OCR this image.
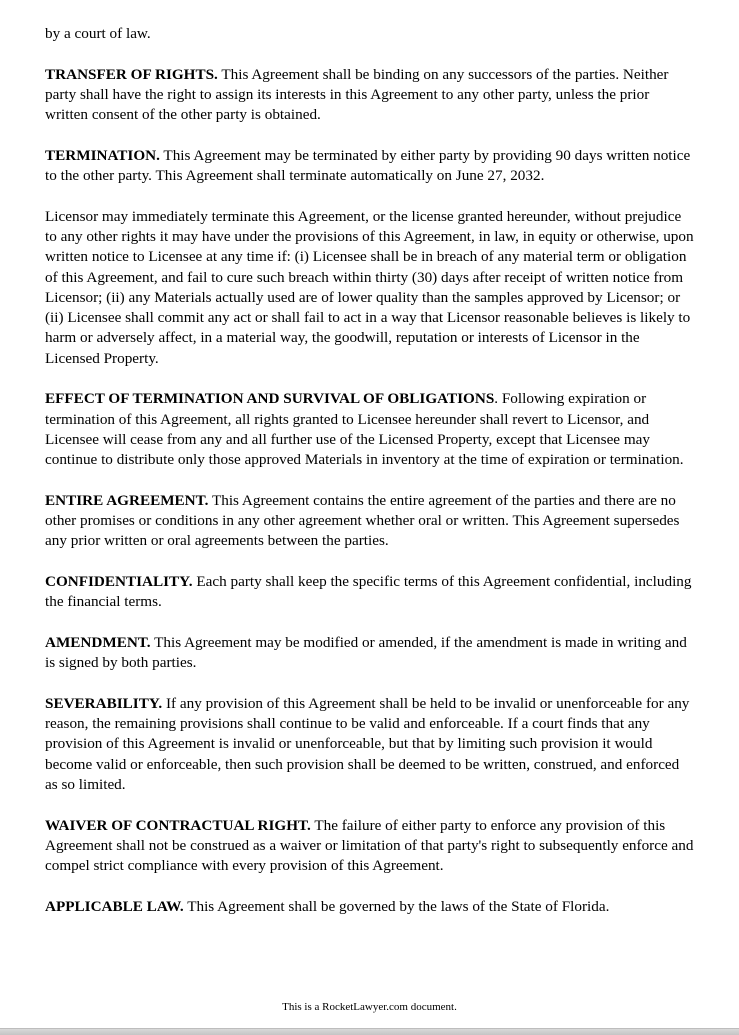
by a court of law.

TRANSFER OF RIGHTS. This Agreement shall be binding on any successors of the parties. Neither party shall have the right to assign its interests in this Agreement to any other party, unless the prior written consent of the other party is obtained.

TERMINATION. This Agreement may be terminated by either party by providing 90 days written notice to the other party. This Agreement shall terminate automatically on June 27, 2032.

Licensor may immediately terminate this Agreement, or the license granted hereunder, without prejudice to any other rights it may have under the provisions of this Agreement, in law, in equity or otherwise, upon written notice to Licensee at any time if: (i) Licensee shall be in breach of any material term or obligation of this Agreement, and fail to cure such breach within thirty (30) days after receipt of written notice from Licensor; (ii) any Materials actually used are of lower quality than the samples approved by Licensor; or (ii) Licensee shall commit any act or shall fail to act in a way that Licensor reasonable believes is likely to harm or adversely affect, in a material way, the goodwill, reputation or interests of Licensor in the Licensed Property.

EFFECT OF TERMINATION AND SURVIVAL OF OBLIGATIONS. Following expiration or termination of this Agreement, all rights granted to Licensee hereunder shall revert to Licensor, and Licensee will cease from any and all further use of the Licensed Property, except that Licensee may continue to distribute only those approved Materials in inventory at the time of expiration or termination.

ENTIRE AGREEMENT. This Agreement contains the entire agreement of the parties and there are no other promises or conditions in any other agreement whether oral or written. This Agreement supersedes any prior written or oral agreements between the parties.

CONFIDENTIALITY. Each party shall keep the specific terms of this Agreement confidential, including the financial terms.

AMENDMENT. This Agreement may be modified or amended, if the amendment is made in writing and is signed by both parties.

SEVERABILITY. If any provision of this Agreement shall be held to be invalid or unenforceable for any reason, the remaining provisions shall continue to be valid and enforceable. If a court finds that any provision of this Agreement is invalid or unenforceable, but that by limiting such provision it would become valid or enforceable, then such provision shall be deemed to be written, construed, and enforced as so limited.

WAIVER OF CONTRACTUAL RIGHT. The failure of either party to enforce any provision of this Agreement shall not be construed as a waiver or limitation of that party's right to subsequently enforce and compel strict compliance with every provision of this Agreement.

APPLICABLE LAW. This Agreement shall be governed by the laws of the State of Florida.

This is a RocketLawyer.com document.
